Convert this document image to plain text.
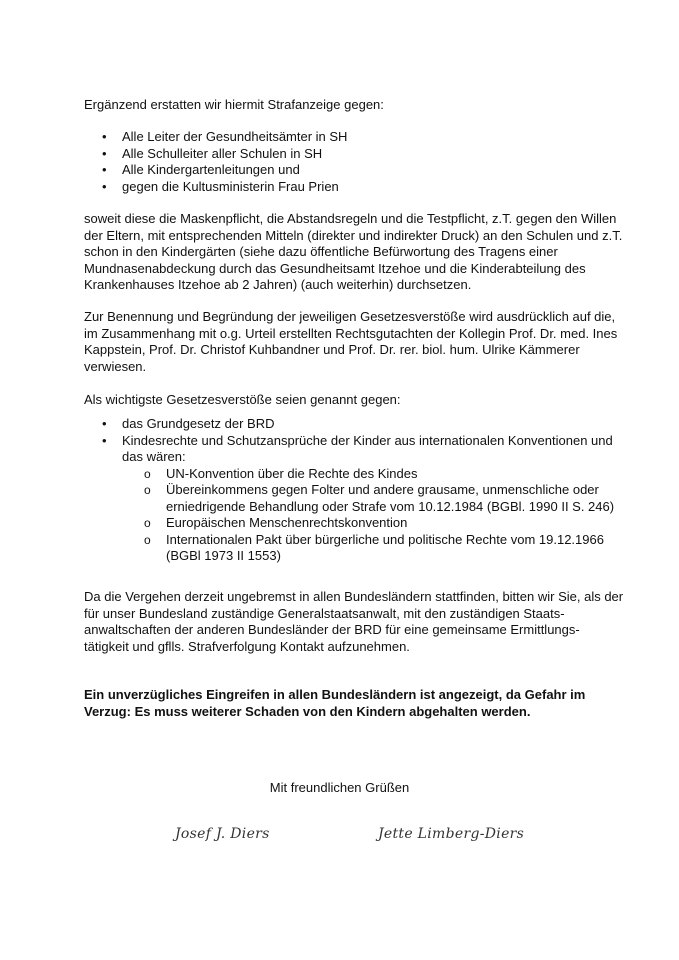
Ergänzend erstatten wir hiermit Strafanzeige gegen:

• Alle Leiter der Gesundheitsämter in SH
• Alle Schulleiter aller Schulen in SH
• Alle Kindergartenleitungen und
• gegen die Kultusministerin Frau Prien

soweit diese die Maskenpflicht, die Abstandsregeln und die Testpflicht, z.T. gegen den Willen der Eltern, mit entsprechenden Mitteln (direkter und indirekter Druck) an den Schulen und z.T. schon in den Kindergärten (siehe dazu öffentliche Befürwortung des Tragens einer Mundnasenabdeckung durch das Gesundheitsamt Itzehoe und die Kinderabteilung des Krankenhauses Itzehoe ab 2 Jahren) (auch weiterhin) durchsetzen.

Zur Benennung und Begründung der jeweiligen Gesetzesverstöße wird ausdrücklich auf die, im Zusammenhang mit o.g. Urteil erstellten Rechtsgutachten der Kollegin Prof. Dr. med. Ines Kappstein, Prof. Dr. Christof Kuhbandner und Prof. Dr. rer. biol. hum. Ulrike Kämmerer verwiesen.

Als wichtigste Gesetzesverstöße seien genannt gegen:

• das Grundgesetz der BRD
• Kindesrechte und Schutzansprüche der Kinder aus internationalen Konventionen und das wären:
o UN-Konvention über die Rechte des Kindes
o Übereinkommens gegen Folter und andere grausame, unmenschliche oder erniedrigende Behandlung oder Strafe vom 10.12.1984 (BGBl. 1990 II S. 246)
o Europäischen Menschenrechtskonvention
o Internationalen Pakt über bürgerliche und politische Rechte vom 19.12.1966 (BGBl 1973 II 1553)

Da die Vergehen derzeit ungebremst in allen Bundesländern stattfinden, bitten wir Sie, als der für unser Bundesland zuständige Generalstaatsanwalt, mit den zuständigen Staats-anwaltschaften der anderen Bundesländer der BRD für eine gemeinsame Ermittlungs-tätigkeit und gflls. Strafverfolgung Kontakt aufzunehmen.

Ein unverzügliches Eingreifen in allen Bundesländern ist angezeigt, da Gefahr im Verzug: Es muss weiterer Schaden von den Kindern abgehalten werden.

Mit freundlichen Grüßen

Josef J. Diers	Jette Limberg-Diers
